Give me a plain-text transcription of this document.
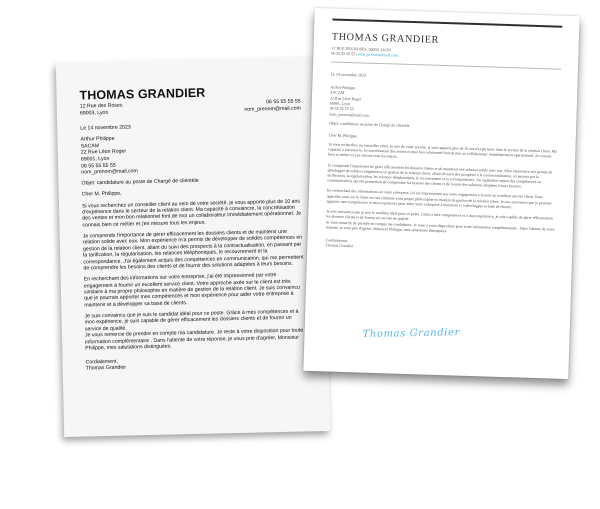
THOMAS GRANDIER
12 Rue des Roses
06 55 55 55 55
69003, Lyon
nom_prenom@mail.com
Le 14 novembre 2023
Arthur Philippe
SACAM
22 Rue Léon Roger
69001, Lyon
06 55 55 55 55
nom_prenom@mail.com
Objet: candidature au poste de Chargé de clientèle
Cher M. Philippe,

Si vous recherchez un conseiller client au sein de votre société, je vous apporte plus de 10 ans d'expérience dans le secteur de la relation client. Ma capacité à convaincre, la concrétisation des ventes et mon bon relationnel font de moi un collaborateur immédiatement opérationnel. Je connais bien ce métier et j'en mesure tous les enjeux.

Je comprends l'importance de gérer efficacement les dossiers clients et de maintenir une relation solide avec eux. Mon expérience m'a permis de développer de solides compétences en gestion de la relation client, allant du suivi des prospects à la contractualisation, en passant par la tarification, la régularisation, les relances téléphoniques, le recouvrement et la correspondance. J'ai également acquis des compétences en communication, qui me permettent de comprendre les besoins des clients et de fournir des solutions adaptées à leurs besoins.

En recherchant des informations sur votre entreprise, j'ai été impressionné par votre engagement à fournir un excellent service client. Votre approche axée sur le client est très similaire à ma propre philosophie en matière de gestion de la relation client. Je suis convaincu que je pourrais apporter mes compétences et mon expérience pour aider votre entreprise à maintenir et à développer sa base de clients.

Je suis convaincu que je suis le candidat idéal pour ce poste. Grâce à mes compétences et à mon expérience, je suis capable de gérer efficacement les dossiers clients et de fournir un service de qualité.
Je vous remercie de prendre en compte ma candidature. Je reste à votre disposition pour toute information complémentaire . Dans l'attente de votre réponse, je vous prie d'agréer, Monsieur Philippe, mes salutations distinguées.

Cordialement,
Thomas Grandier
THOMAS GRANDIER
12 RUE DES ROSES, 69003, LYON
06 55 55 55 55 | nom_prenom@mail.com
Le 14 novembre 2023
Arthur Philippe
SACAM
22 Rue Léon Roger
69001, Lyon
06 55 55 55 55
nom_prenom@mail.com
Objet: candidature au poste de Chargé de clientèle
Cher M. Philippe,

Si vous recherchez un conseiller client au sein de votre société, je vous apporte plus de 10 ans d'expérience dans le secteur de la relation client. Ma capacité à convaincre, la concrétisation des ventes et mon bon relationnel font de moi un collaborateur immédiatement opérationnel. Je connais bien ce métier et j'en mesure tous les enjeux.

Je comprends l'importance de gérer efficacement les dossiers clients et de maintenir une relation solide avec eux. Mon expérience m'a permis de développer de solides compétences en gestion de la relation client, allant du suivi des prospects à la contractualisation, en passant par la tarification, la régularisation, les relances téléphoniques, le recouvrement et la correspondance. J'ai également acquis des compétences en communication, qui me permettent de comprendre les besoins des clients et de fournir des solutions adaptées à leurs besoins.

En recherchant des informations sur votre entreprise, j'ai été impressionné par votre engagement à fournir un excellent service client. Votre approche axée sur le client est très similaire à ma propre philosophie en matière de gestion de la relation client. Je suis convaincu que je pourrais apporter mes compétences et mon expérience pour aider votre entreprise à maintenir et à développer sa base de clients.

Je suis convaincu que je suis le candidat idéal pour ce poste. Grâce à mes compétences et à mon expérience, je suis capable de gérer efficacement les dossiers clients et de fournir un service de qualité.
Je vous remercie de prendre en compte ma candidature. Je reste à votre disposition pour toute information complémentaire . Dans l'attente de votre réponse, je vous prie d'agréer, Monsieur Philippe, mes salutations distinguées.

Cordialement,
Thomas Grandier
Thomas Grandier
